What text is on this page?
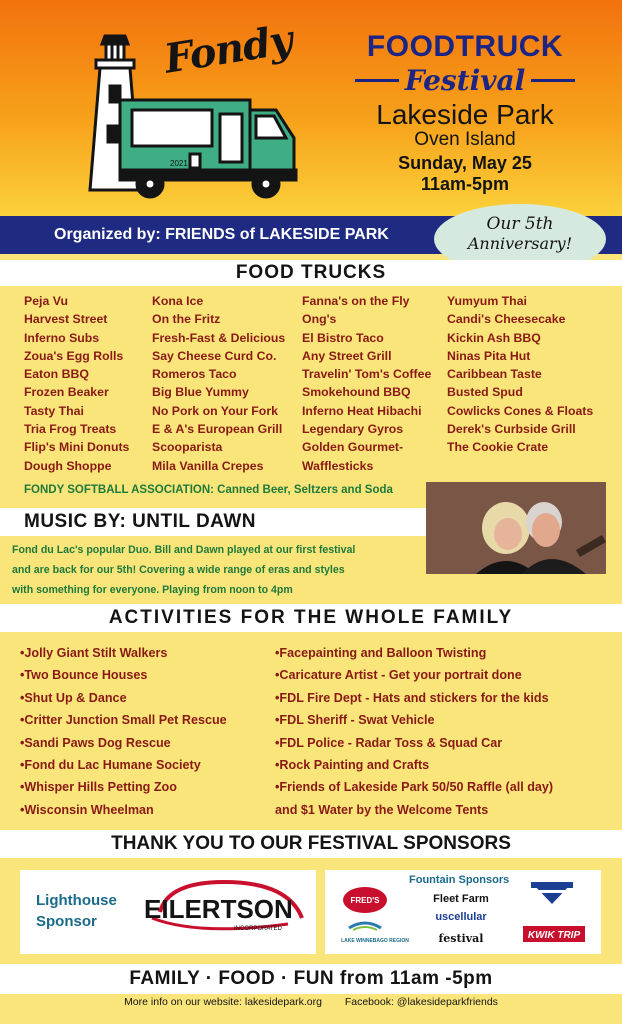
2021
Fondy	FOODTRUCK
Festival
Lakeside Park
Oven Island
Sunday, May 25
11am-5pm
Organized by: FRIENDS of LAKESIDE PARK
Our 5th
Anniversary!
FOOD TRUCKS
Peja Vu
Harvest Street
Inferno Subs
Zoua's Egg Rolls
Eaton BBQ
Frozen Beaker
Tasty Thai
Tria Frog Treats
Flip's Mini Donuts
Dough Shoppe
Kona Ice
On the Fritz
Fresh-Fast & Delicious
Say Cheese Curd Co.
Romeros Taco
Big Blue Yummy
No Pork on Your Fork
E & A's European Grill
Scooparista
Mila Vanilla Crepes
Fanna's on the Fly
Ong's
El Bistro Taco
Any Street Grill
Travelin' Tom's Coffee
Smokehound BBQ
Inferno Heat Hibachi
Legendary Gyros
Golden Gourmet-
Wafflesticks
Yumyum Thai
Candi's Cheesecake
Kickin Ash BBQ
Ninas Pita Hut
Caribbean Taste
Busted Spud
Cowlicks Cones & Floats
Derek's Curbside Grill
The Cookie Crate
FONDY SOFTBALL ASSOCIATION: Canned Beer, Seltzers and Soda
MUSIC BY: UNTIL DAWN
Fond du Lac's popular Duo. Bill and Dawn played at our first festival
and are back for our 5th! Covering a wide range of eras and styles
with something for everyone. Playing from noon to 4pm
ACTIVITIES FOR THE WHOLE FAMILY
•Jolly Giant Stilt Walkers
•Two Bounce Houses
•Shut Up & Dance
•Critter Junction Small Pet Rescue
•Sandi Paws Dog Rescue
•Fond du Lac Humane Society
•Whisper Hills Petting Zoo
•Wisconsin Wheelman
•Facepainting and Balloon Twisting
•Caricature Artist - Get your portrait done
•FDL Fire Dept - Hats and stickers for the kids
•FDL Sheriff - Swat Vehicle
•FDL Police - Radar Toss & Squad Car
•Rock Painting and Crafts
•Friends of Lakeside Park 50/50 Raffle (all day)
and $1 Water by the Welcome Tents
THANK YOU TO OUR FESTIVAL SPONSORS
Lighthouse
Sponsor	EILERTSON
INCORPORATED
Fountain Sponsors
FRED'S
LAKE WINNEBAGO REGION
Fleet Farm
uscellular
festival	KWIK TRIP
FAMILY · FOOD · FUN from 11am -5pm
More info on our website: lakesidepark.org Facebook: @lakesideparkfriends
